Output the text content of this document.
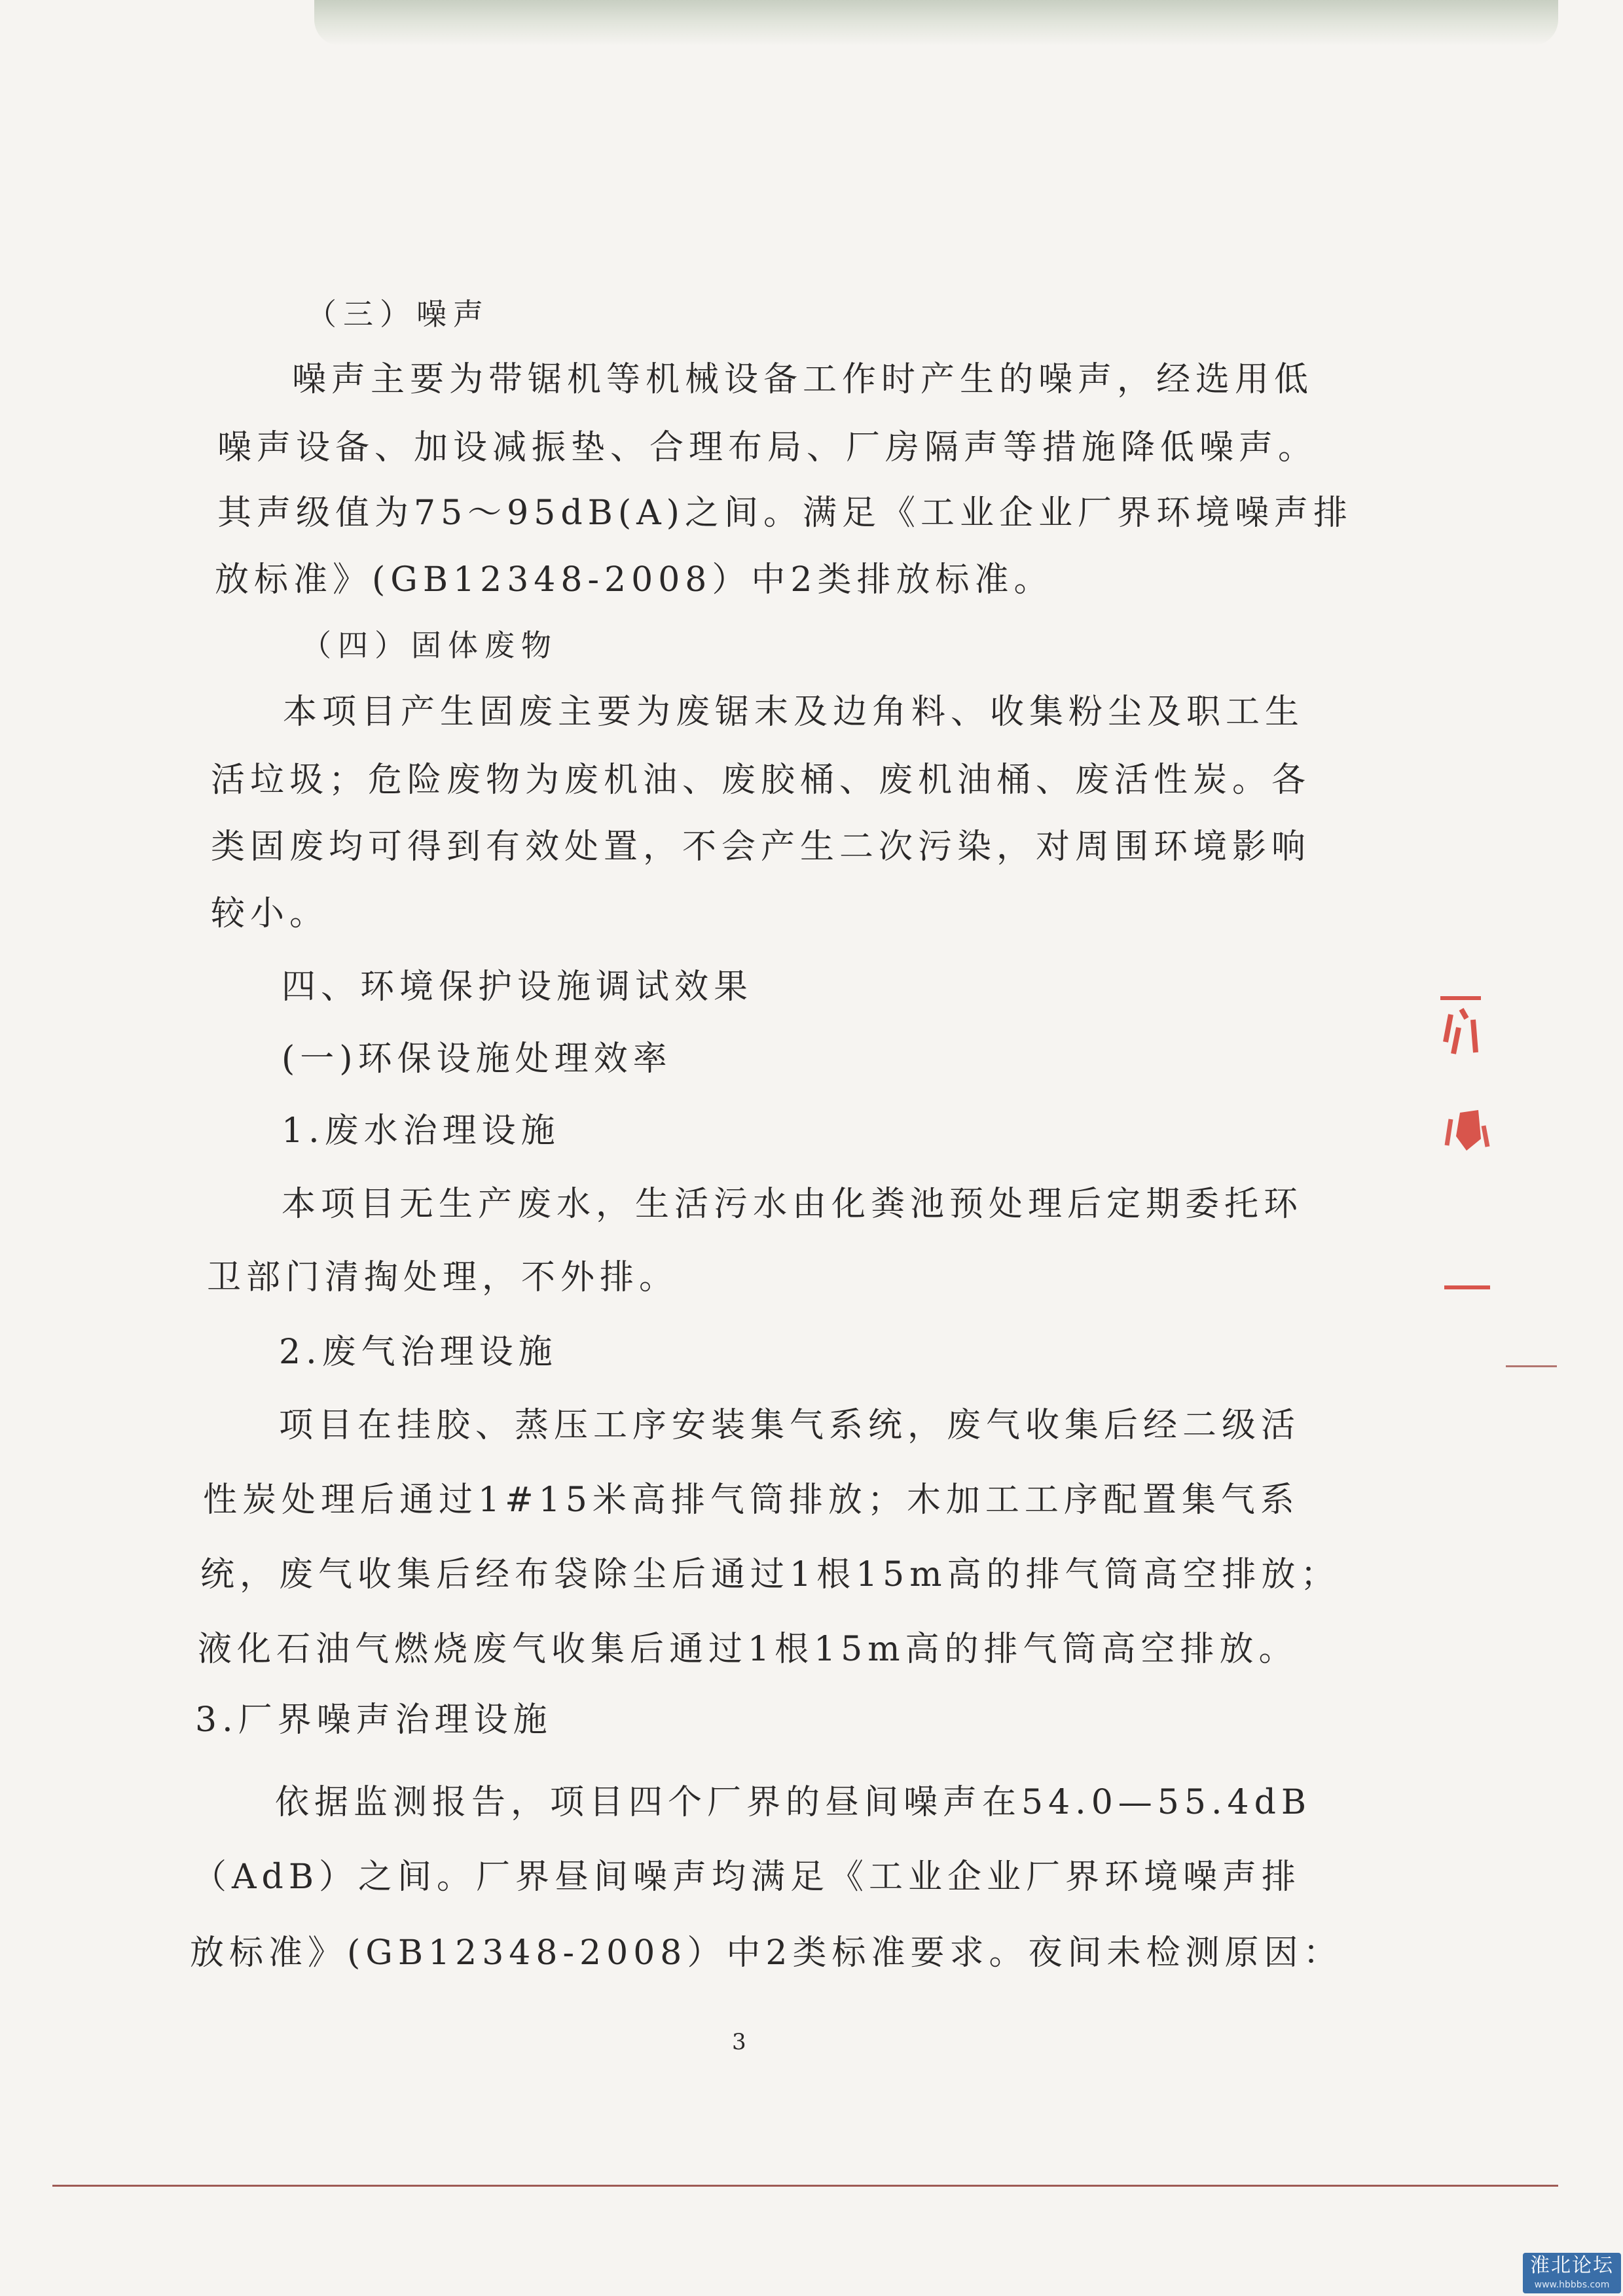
（三）噪声

噪声主要为带锯机等机械设备工作时产生的噪声，经选用低

噪声设备、加设减振垫、合理布局、厂房隔声等措施降低噪声。

其声级值为75～95dB(A)之间。满足《工业企业厂界环境噪声排

放标准》(GB12348-2008）中2类排放标准。

（四）固体废物

本项目产生固废主要为废锯末及边角料、收集粉尘及职工生

活垃圾；危险废物为废机油、废胶桶、废机油桶、废活性炭。各

类固废均可得到有效处置，不会产生二次污染，对周围环境影响

较小。

四、环境保护设施调试效果

(一)环保设施处理效率

1.废水治理设施

本项目无生产废水，生活污水由化粪池预处理后定期委托环

卫部门清掏处理，不外排。

2.废气治理设施

项目在挂胶、蒸压工序安装集气系统，废气收集后经二级活

性炭处理后通过1#15米高排气筒排放；木加工工序配置集气系

统，废气收集后经布袋除尘后通过1根15m高的排气筒高空排放；

液化石油气燃烧废气收集后通过1根15m高的排气筒高空排放。

3.厂界噪声治理设施

依据监测报告，项目四个厂界的昼间噪声在54.0—55.4dB

（AdB）之间。厂界昼间噪声均满足《工业企业厂界环境噪声排

放标准》(GB12348-2008）中2类标准要求。夜间未检测原因：

3
淮北论坛
www.hbbbs.com
